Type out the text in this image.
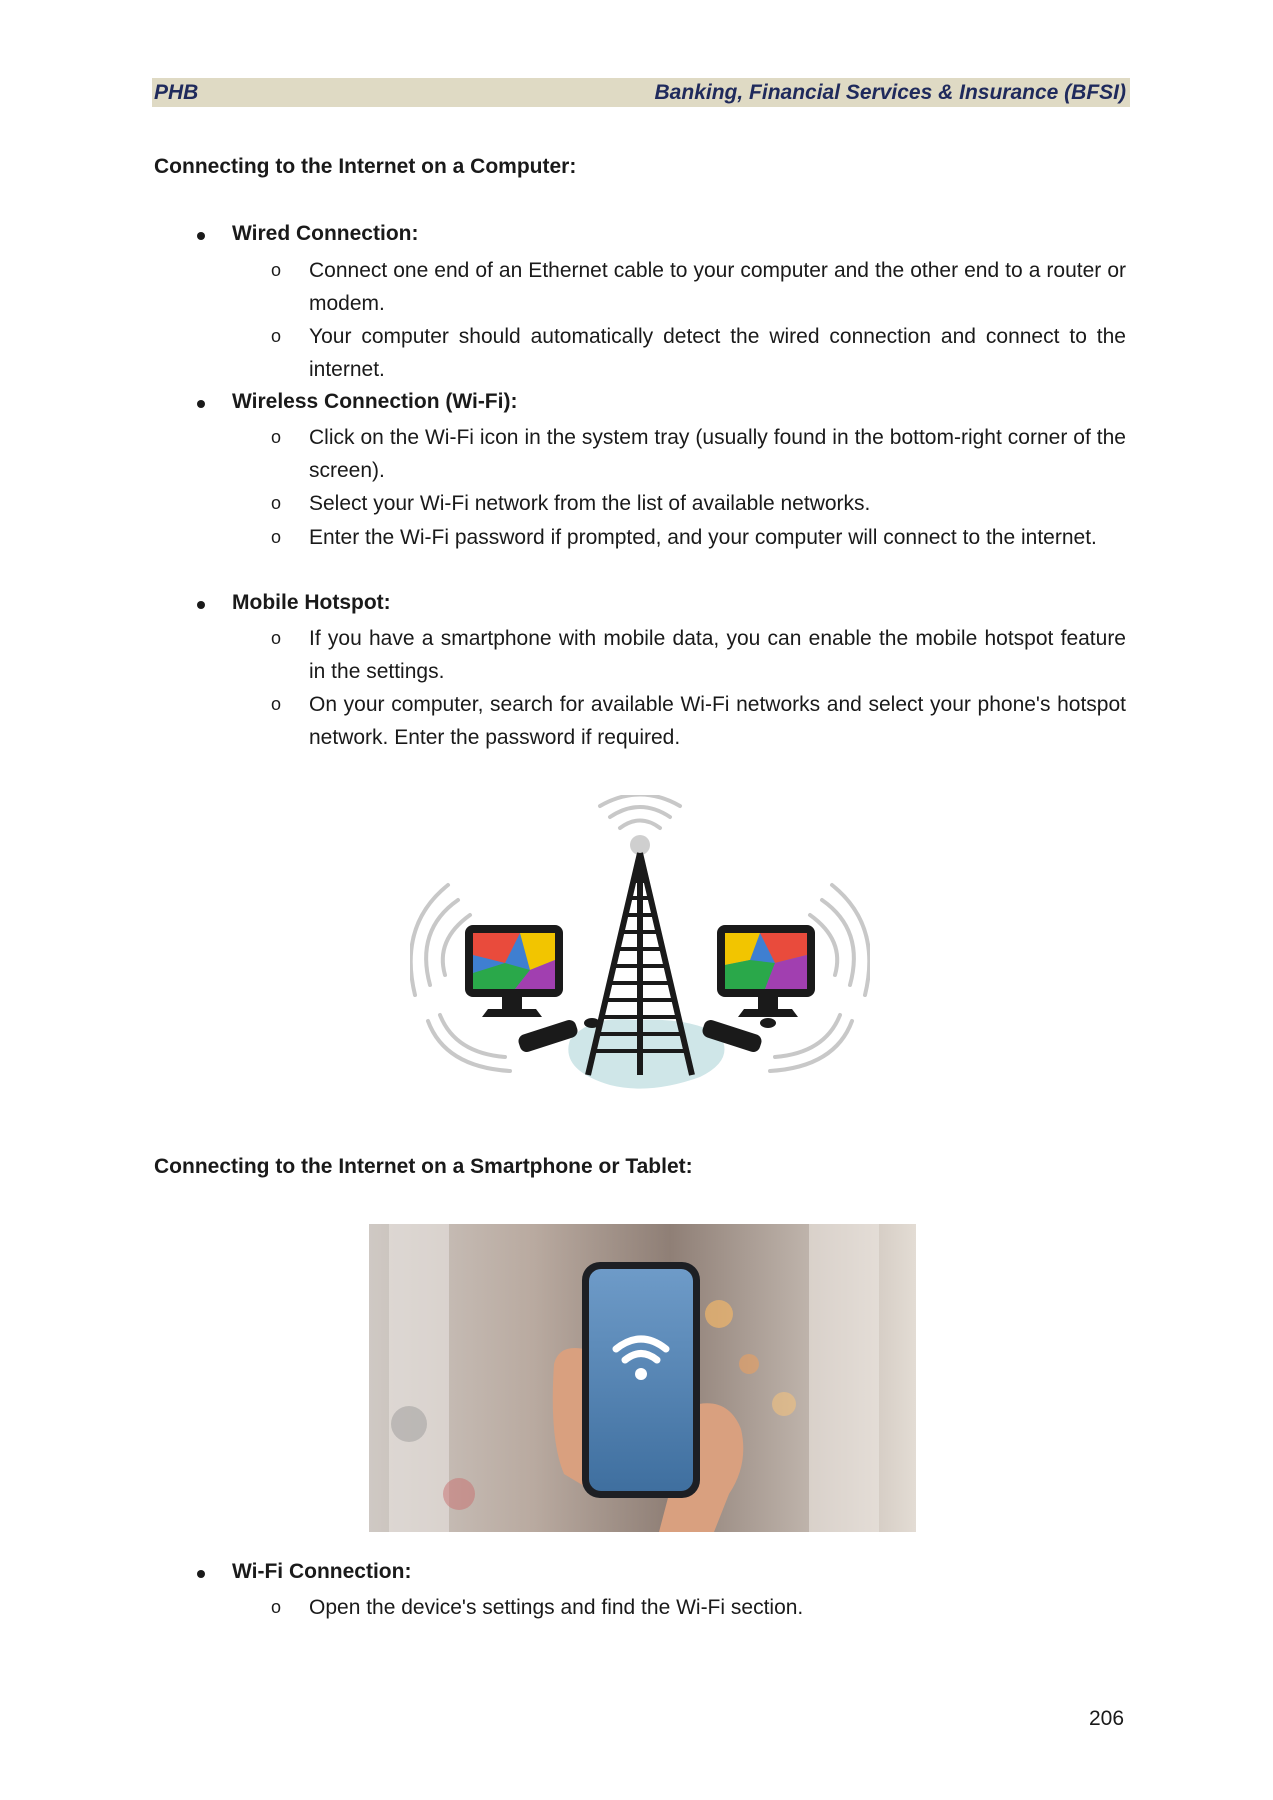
PHB	Banking, Financial Services & Insurance (BFSI)
Connecting to the Internet on a Computer:
Wired Connection:
o Connect one end of an Ethernet cable to your computer and the other end to a router or modem.
o Your computer should automatically detect the wired connection and connect to the internet.
Wireless Connection (Wi-Fi):
o Click on the Wi-Fi icon in the system tray (usually found in the bottom-right corner of the screen).
o Select your Wi-Fi network from the list of available networks.
o Enter the Wi-Fi password if prompted, and your computer will connect to the internet.
Mobile Hotspot:
o If you have a smartphone with mobile data, you can enable the mobile hotspot feature in the settings.
o On your computer, search for available Wi-Fi networks and select your phone's hotspot network. Enter the password if required.
Connecting to the Internet on a Smartphone or Tablet:
Wi-Fi Connection:
o Open the device's settings and find the Wi-Fi section.
206
